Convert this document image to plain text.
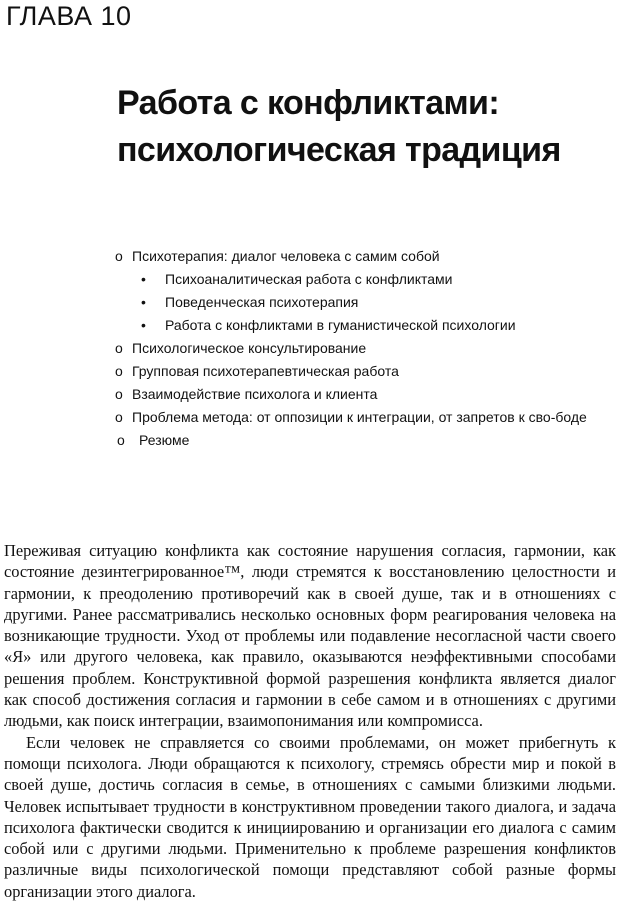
ГЛАВА 10
Работа с конфликтами:
психологическая традиция
o Психотерапия: диалог человека с самим собой
•	Психоаналитическая работа с конфликтами
•	Поведенческая психотерапия
•	Работа с конфликтами в гуманистической психологии
o Психологическое консультирование
o Групповая психотерапевтическая работа
o Взаимодействие психолога и клиента
o Проблема метода: от оппозиции к интеграции, от запретов к сво-боде
o	Резюме

Переживая ситуацию конфликта как состояние нарушения согласия, гармонии, как состояние дезинтегрированное™, люди стремятся к восстановлению целостности и гармонии, к преодолению противоречий как в своей душе, так и в отношениях с другими. Ранее рассматривались несколько основных форм реагирования человека на возникающие трудности. Уход от проблемы или подавление несогласной части своего «Я» или другого человека, как правило, оказываются неэффективными способами решения проблем. Конструктивной формой разрешения конфликта является диалог как способ достижения согласия и гармонии в себе самом и в отношениях с другими людьми, как поиск интеграции, взаимопонимания или компромисса.

Если человек не справляется со своими проблемами, он может прибегнуть к помощи психолога. Люди обращаются к психологу, стремясь обрести мир и покой в своей душе, достичь согласия в семье, в отношениях с самыми близкими людьми. Человек испытывает трудности в конструктивном проведении такого диалога, и задача психолога фактически сводится к инициированию и организации его диалога с самим собой или с другими людьми. Применительно к проблеме разрешения конфликтов различные виды психологической помощи представляют собой разные формы организации этого диалога.
